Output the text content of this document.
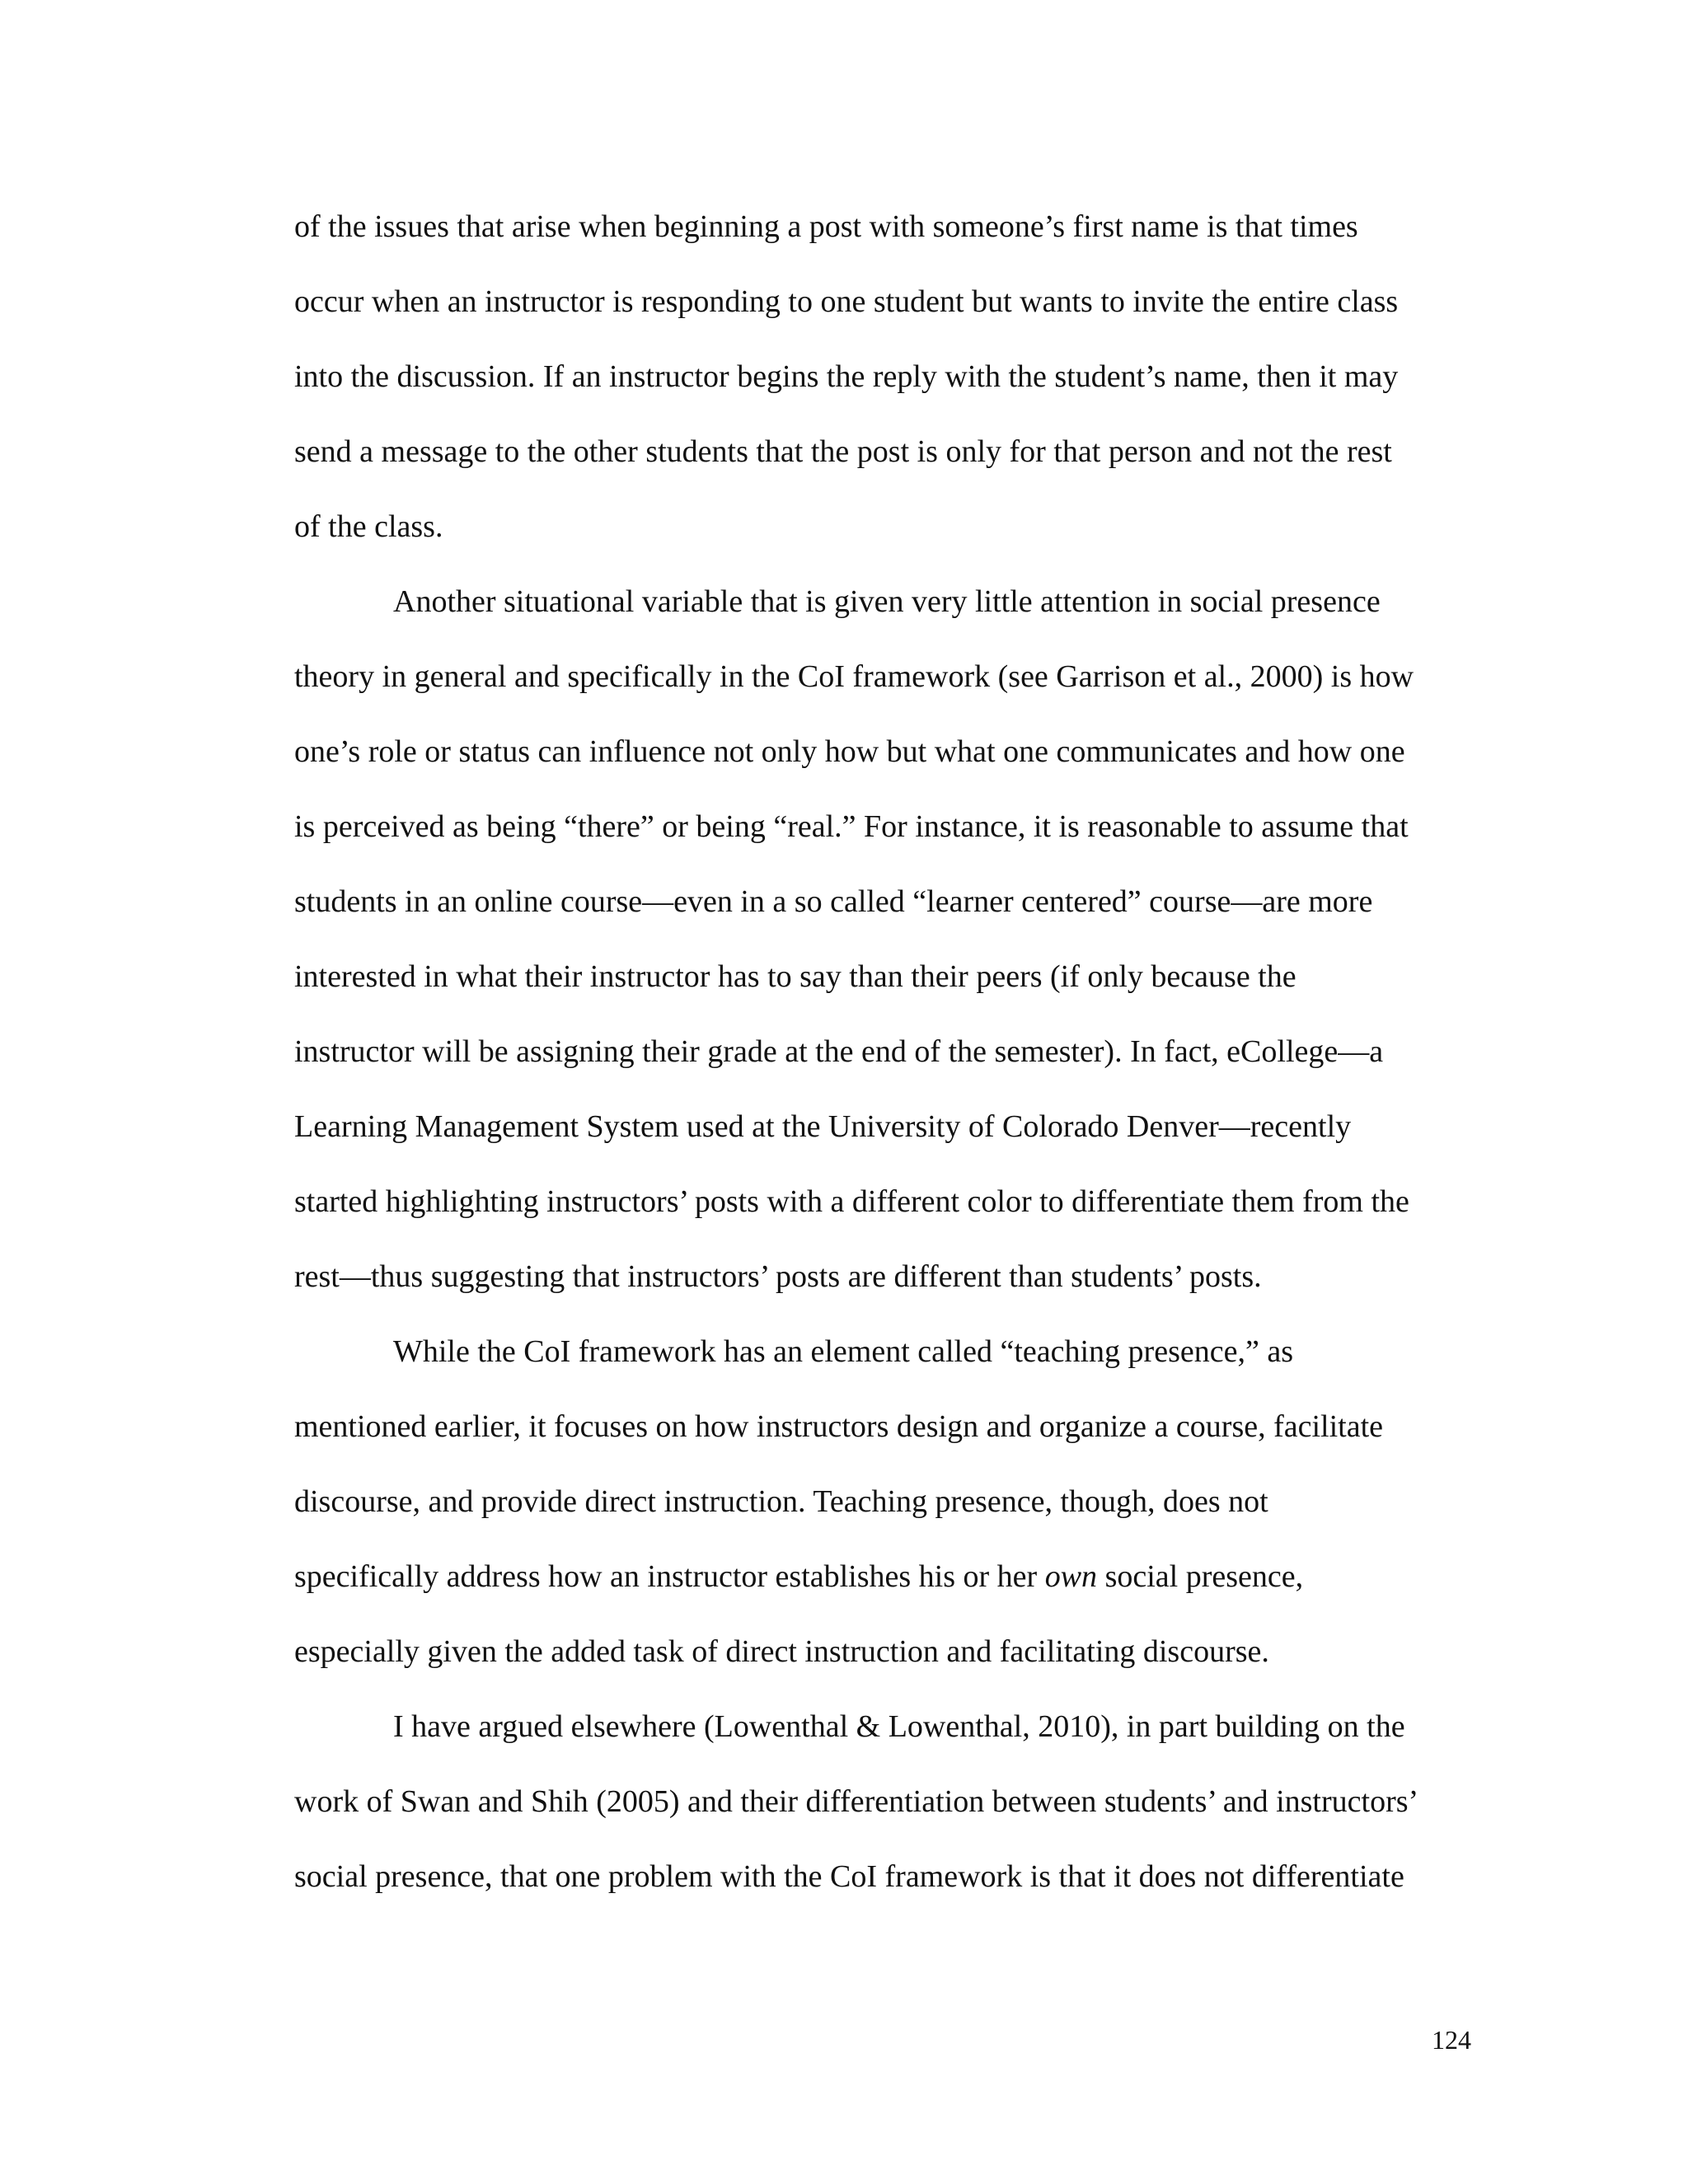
of the issues that arise when beginning a post with someone’s first name is that times
occur when an instructor is responding to one student but wants to invite the entire class
into the discussion. If an instructor begins the reply with the student’s name, then it may
send a message to the other students that the post is only for that person and not the rest
of the class.
Another situational variable that is given very little attention in social presence
theory in general and specifically in the CoI framework (see Garrison et al., 2000) is how
one’s role or status can influence not only how but what one communicates and how one
is perceived as being “there” or being “real.” For instance, it is reasonable to assume that
students in an online course—even in a so called “learner centered” course—are more
interested in what their instructor has to say than their peers (if only because the
instructor will be assigning their grade at the end of the semester). In fact, eCollege—a
Learning Management System used at the University of Colorado Denver—recently
started highlighting instructors’ posts with a different color to differentiate them from the
rest—thus suggesting that instructors’ posts are different than students’ posts.
While the CoI framework has an element called “teaching presence,” as
mentioned earlier, it focuses on how instructors design and organize a course, facilitate
discourse, and provide direct instruction. Teaching presence, though, does not
specifically address how an instructor establishes his or her own social presence,
especially given the added task of direct instruction and facilitating discourse.
I have argued elsewhere (Lowenthal & Lowenthal, 2010), in part building on the
work of Swan and Shih (2005) and their differentiation between students’ and instructors’
social presence, that one problem with the CoI framework is that it does not differentiate
124
